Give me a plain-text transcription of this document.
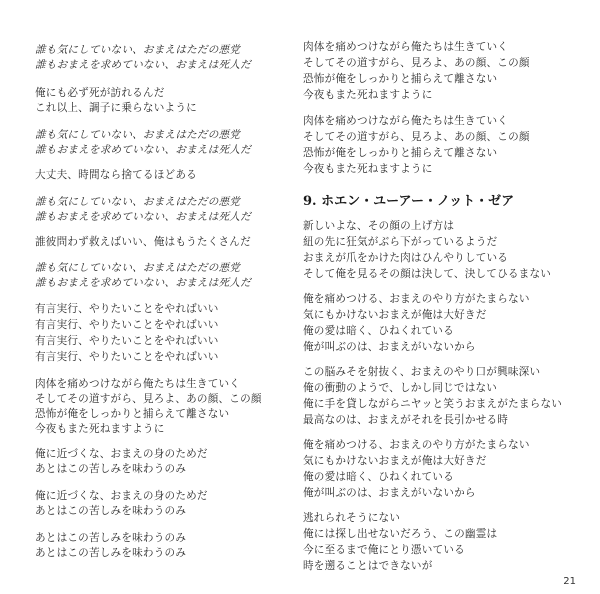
誰も気にしていない、おまえはただの悪党
誰もおまえを求めていない、おまえは死人だ
俺にも必ず死が訪れるんだ
これ以上、調子に乗らないように
誰も気にしていない、おまえはただの悪党
誰もおまえを求めていない、おまえは死人だ
大丈夫、時間なら捨てるほどある
誰も気にしていない、おまえはただの悪党
誰もおまえを求めていない、おまえは死人だ
誰彼問わず救えばいい、俺はもうたくさんだ
誰も気にしていない、おまえはただの悪党
誰もおまえを求めていない、おまえは死人だ
有言実行、やりたいことをやればいい
有言実行、やりたいことをやればいい
有言実行、やりたいことをやればいい
有言実行、やりたいことをやればいい
肉体を痛めつけながら俺たちは生きていく
そしてその道すがら、見ろよ、あの顔、この顔
恐怖が俺をしっかりと捕らえて離さない
今夜もまた死ねますように
俺に近づくな、おまえの身のためだ
あとはこの苦しみを味わうのみ
俺に近づくな、おまえの身のためだ
あとはこの苦しみを味わうのみ
あとはこの苦しみを味わうのみ
あとはこの苦しみを味わうのみ
肉体を痛めつけながら俺たちは生きていく
そしてその道すがら、見ろよ、あの顔、この顔
恐怖が俺をしっかりと捕らえて離さない
今夜もまた死ねますように
肉体を痛めつけながら俺たちは生きていく
そしてその道すがら、見ろよ、あの顔、この顔
恐怖が俺をしっかりと捕らえて離さない
今夜もまた死ねますように
9. ホエン・ユーアー・ノット・ゼア
新しいよな、その顔の上げ方は
紐の先に狂気がぶら下がっているようだ
おまえが爪をかけた肉はひんやりしている
そして俺を見るその顔は決して、決してひるまない
俺を痛めつける、おまえのやり方がたまらない
気にもかけないおまえが俺は大好きだ
俺の愛は暗く、ひねくれている
俺が叫ぶのは、おまえがいないから
この脳みそを射抜く、おまえのやり口が興味深い
俺の衝動のようで、しかし同じではない
俺に手を貸しながらニヤッと笑うおまえがたまらない
最高なのは、おまえがそれを長引かせる時
俺を痛めつける、おまえのやり方がたまらない
気にもかけないおまえが俺は大好きだ
俺の愛は暗く、ひねくれている
俺が叫ぶのは、おまえがいないから
逃れられそうにない
俺には探し出せないだろう、この幽霊は
今に至るまで俺にとり憑いている
時を遡ることはできないが
21
